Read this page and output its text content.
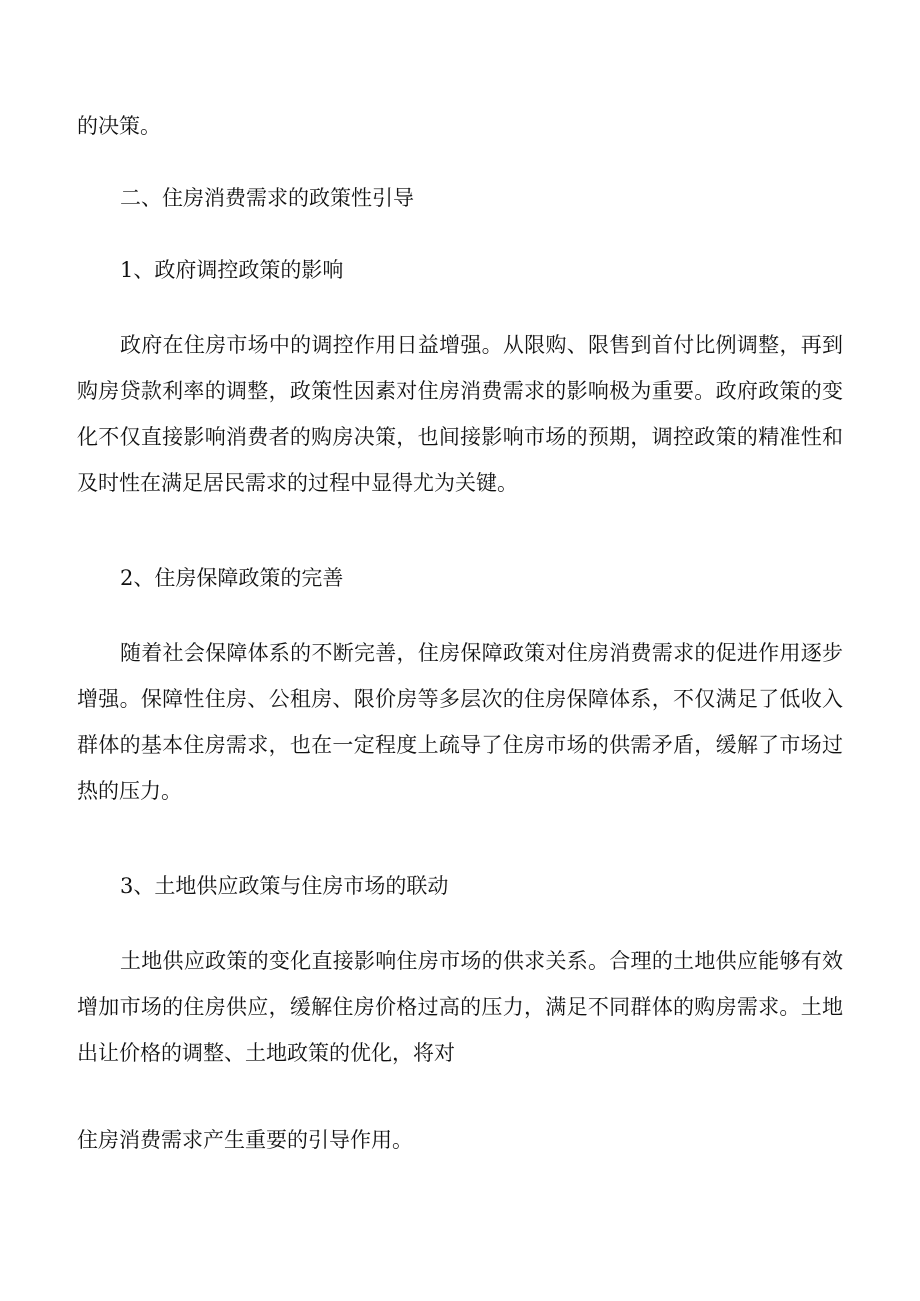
的决策。
二、住房消费需求的政策性引导
1、政府调控政策的影响

政府在住房市场中的调控作用日益增强。从限购、限售到首付比例调整，再到购房贷款利率的调整，政策性因素对住房消费需求的影响极为重要。政府政策的变化不仅直接影响消费者的购房决策，也间接影响市场的预期，调控政策的精准性和及时性在满足居民需求的过程中显得尤为关键。

2、住房保障政策的完善

随着社会保障体系的不断完善，住房保障政策对住房消费需求的促进作用逐步增强。保障性住房、公租房、限价房等多层次的住房保障体系，不仅满足了低收入群体的基本住房需求，也在一定程度上疏导了住房市场的供需矛盾，缓解了市场过热的压力。

3、土地供应政策与住房市场的联动

土地供应政策的变化直接影响住房市场的供求关系。合理的土地供应能够有效增加市场的住房供应，缓解住房价格过高的压力，满足不同群体的购房需求。土地出让价格的调整、土地政策的优化，将对

住房消费需求产生重要的引导作用。
